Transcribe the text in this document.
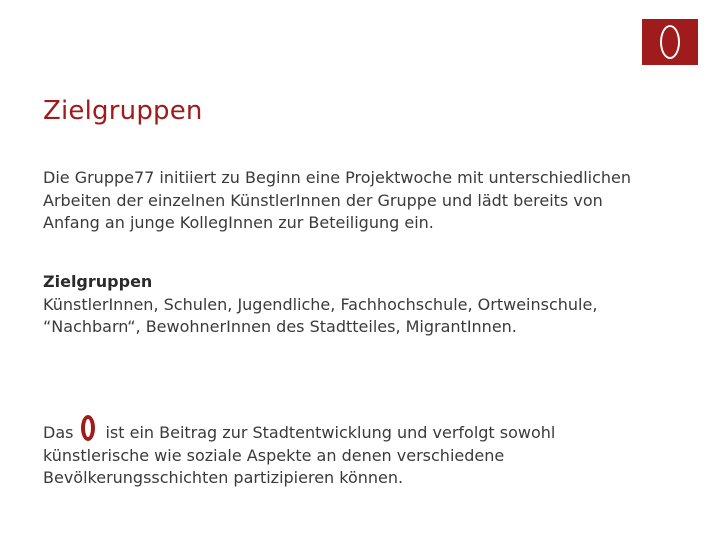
Zielgruppen

Die Gruppe77 initiiert zu Beginn eine Projektwoche mit unterschiedlichen Arbeiten der einzelnen KünstlerInnen der Gruppe und lädt bereits von Anfang an junge KollegInnen zur Beteiligung ein.

Zielgruppen
KünstlerInnen, Schulen, Jugendliche, Fachhochschule, Ortweinschule, “Nachbarn“, BewohnerInnen des Stadtteiles, MigrantInnen.

Das ist ein Beitrag zur Stadtentwicklung und verfolgt sowohl künstlerische wie soziale Aspekte an denen verschiedene Bevölkerungsschichten partizipieren können.
